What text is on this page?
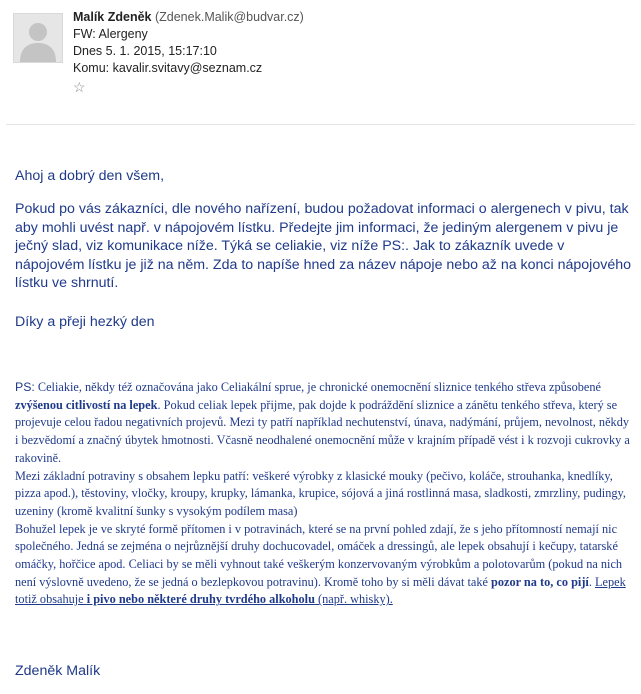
Malík Zdeněk (Zdenek.Malik@budvar.cz)
FW: Alergeny
Dnes 5. 1. 2015, 15:17:10
Komu: kavalir.svitavy@seznam.cz
☆

Ahoj a dobrý den všem,

Pokud po vás zákazníci, dle nového nařízení, budou požadovat informaci o alergenech v pivu, tak aby mohli uvést např. v nápojovém lístku. Předejte jim informaci, že jediným alergenem v pivu je ječný slad, viz komunikace níže. Týká se celiakie, viz níže PS:. Jak to zákazník uvede v nápojovém lístku je již na něm. Zda to napíše hned za název nápoje nebo až na konci nápojového lístku ve shrnutí.

Díky a přeji hezký den

PS: Celiakie, někdy též označována jako Celiakální sprue, je chronické onemocnění sliznice tenkého střeva způsobené zvýšenou citlivostí na lepek. Pokud celiak lepek přijme, pak dojde k podráždění sliznice a zánětu tenkého střeva, který se projevuje celou řadou negativních projevů. Mezi ty patří například nechutenství, únava, nadýmání, průjem, nevolnost, někdy i bezvědomí a značný úbytek hmotnosti. Včasně neodhalené onemocnění může v krajním případě vést i k rozvoji cukrovky a rakovině.
Mezi základní potraviny s obsahem lepku patří: veškeré výrobky z klasické mouky (pečivo, koláče, strouhanka, knedlíky, pizza apod.), těstoviny, vločky, kroupy, krupky, lámanka, krupice, sójová a jiná rostlinná masa, sladkosti, zmrzliny, pudingy, uzeniny (kromě kvalitní šunky s vysokým podílem masa)
Bohužel lepek je ve skryté formě přítomen i v potravinách, které se na první pohled zdají, že s jeho přítomností nemají nic společného. Jedná se zejména o nejrůznější druhy dochucovadel, omáček a dressingů, ale lepek obsahují i kečupy, tatarské omáčky, hořčice apod. Celiaci by se měli vyhnout také veškerým konzervovaným výrobkům a polotovarům (pokud na nich není výslovně uvedeno, že se jedná o bezlepkovou potravinu). Kromě toho by si měli dávat také pozor na to, co pijí. Lepek totiž obsahuje i pivo nebo některé druhy tvrdého alkoholu (např. whisky).
Zdeněk Malík
